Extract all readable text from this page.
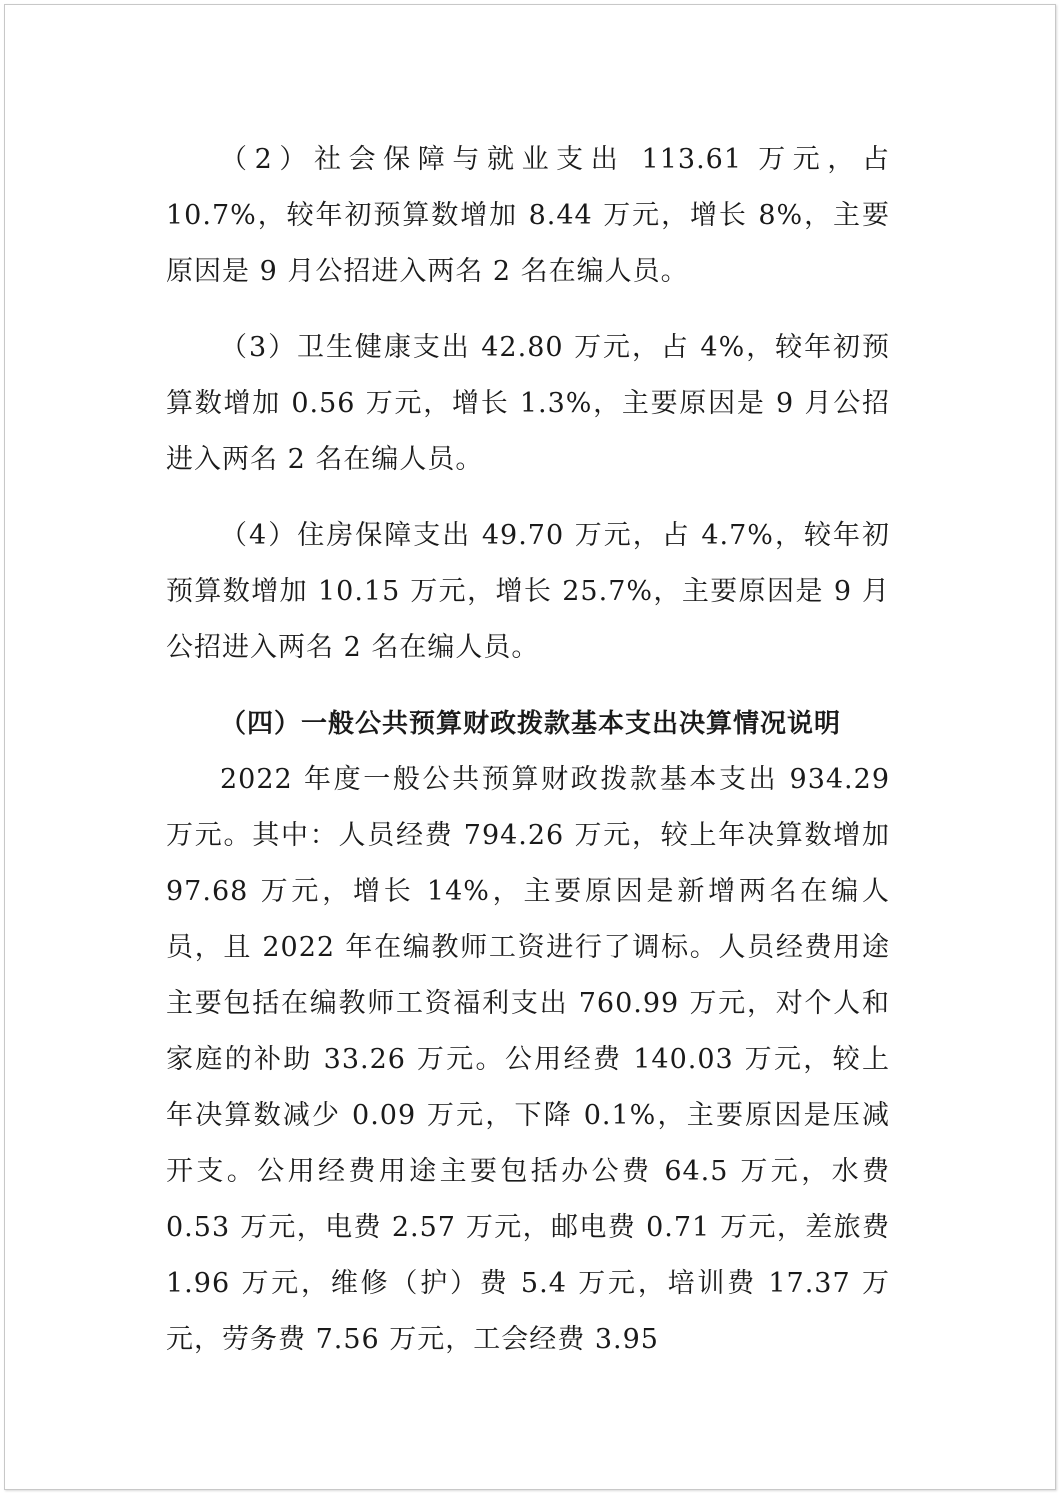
（2）社会保障与就业支出 113.61 万元，占 10.7%，较年初预算数增加 8.44 万元，增长 8%，主要原因是 9 月公招进入两名 2 名在编人员。

（3）卫生健康支出 42.80 万元，占 4%，较年初预算数增加 0.56 万元，增长 1.3%，主要原因是 9 月公招进入两名 2 名在编人员。

（4）住房保障支出 49.70 万元，占 4.7%，较年初预算数增加 10.15 万元，增长 25.7%，主要原因是 9 月公招进入两名 2 名在编人员。

（四）一般公共预算财政拨款基本支出决算情况说明

2022 年度一般公共预算财政拨款基本支出 934.29 万元。其中：人员经费 794.26 万元，较上年决算数增加 97.68 万元，增长 14%，主要原因是新增两名在编人员，且 2022 年在编教师工资进行了调标。人员经费用途主要包括在编教师工资福利支出 760.99 万元，对个人和家庭的补助 33.26 万元。公用经费 140.03 万元，较上年决算数减少 0.09 万元，下降 0.1%，主要原因是压减开支。公用经费用途主要包括办公费 64.5 万元，水费 0.53 万元，电费 2.57 万元，邮电费 0.71 万元，差旅费 1.96 万元，维修（护）费 5.4 万元，培训费 17.37 万元，劳务费 7.56 万元，工会经费 3.95
